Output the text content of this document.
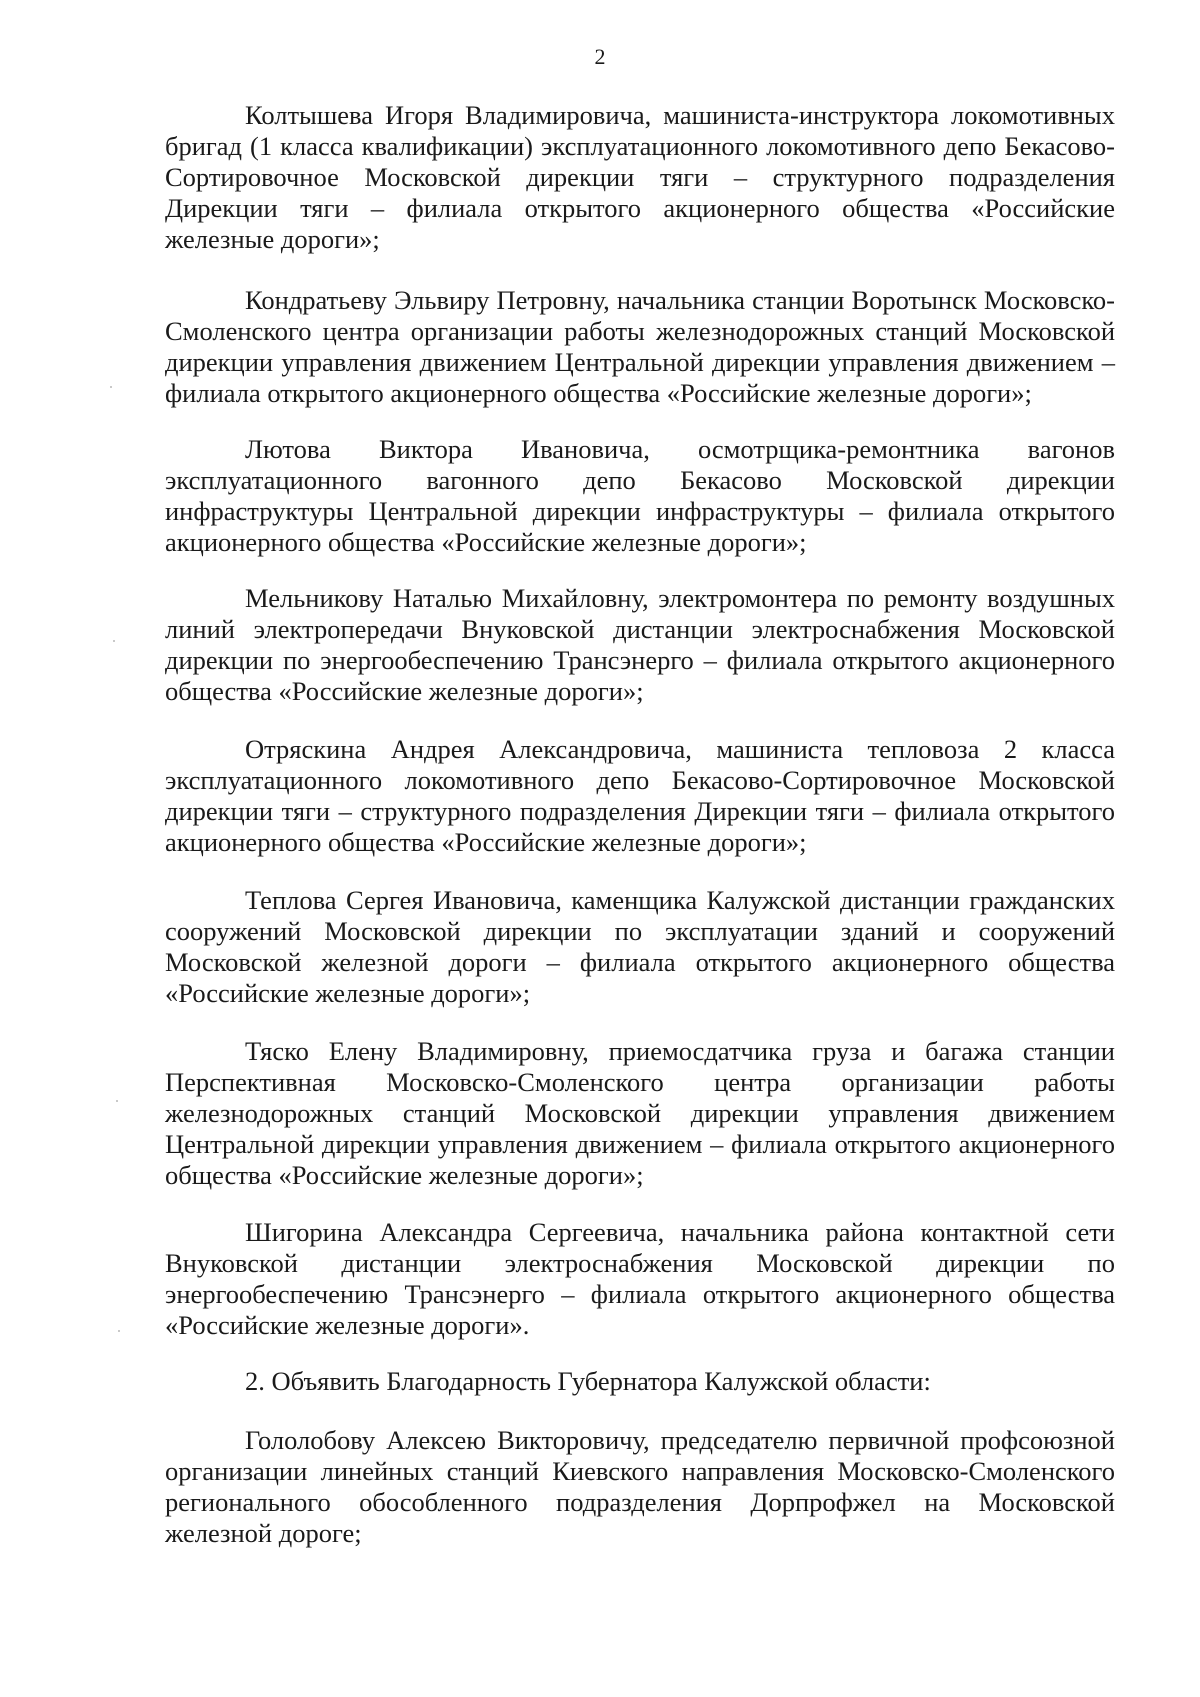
2
Колтышева Игоря Владимировича, машиниста-инструктора локомотивных бригад (1 класса квалификации) эксплуатационного локомотивного депо Бекасово-Сортировочное Московской дирекции тяги – структурного подразделения Дирекции тяги – филиала открытого акционерного общества «Российские железные дороги»;
Кондратьеву Эльвиру Петровну, начальника станции Воротынск Московско-Смоленского центра организации работы железнодорожных станций Московской дирекции управления движением Центральной дирекции управления движением – филиала открытого акционерного общества «Российские железные дороги»;
Лютова Виктора Ивановича, осмотрщика-ремонтника вагонов эксплуатационного вагонного депо Бекасово Московской дирекции инфраструктуры Центральной дирекции инфраструктуры – филиала открытого акционерного общества «Российские железные дороги»;
Мельникову Наталью Михайловну, электромонтера по ремонту воздушных линий электропередачи Внуковской дистанции электроснабжения Московской дирекции по энергообеспечению Трансэнерго – филиала открытого акционерного общества «Российские железные дороги»;
Отряскина Андрея Александровича, машиниста тепловоза 2 класса эксплуатационного локомотивного депо Бекасово-Сортировочное Московской дирекции тяги – структурного подразделения Дирекции тяги – филиала открытого акционерного общества «Российские железные дороги»;
Теплова Сергея Ивановича, каменщика Калужской дистанции гражданских сооружений Московской дирекции по эксплуатации зданий и сооружений Московской железной дороги – филиала открытого акционерного общества «Российские железные дороги»;
Тяско Елену Владимировну, приемосдатчика груза и багажа станции Перспективная Московско-Смоленского центра организации работы железнодорожных станций Московской дирекции управления движением Центральной дирекции управления движением – филиала открытого акционерного общества «Российские железные дороги»;
Шигорина Александра Сергеевича, начальника района контактной сети Внуковской дистанции электроснабжения Московской дирекции по энергообеспечению Трансэнерго – филиала открытого акционерного общества «Российские железные дороги».
2. Объявить Благодарность Губернатора Калужской области:
Гололобову Алексею Викторовичу, председателю первичной профсоюзной организации линейных станций Киевского направления Московско-Смоленского регионального обособленного подразделения Дорпрофжел на Московской железной дороге;
